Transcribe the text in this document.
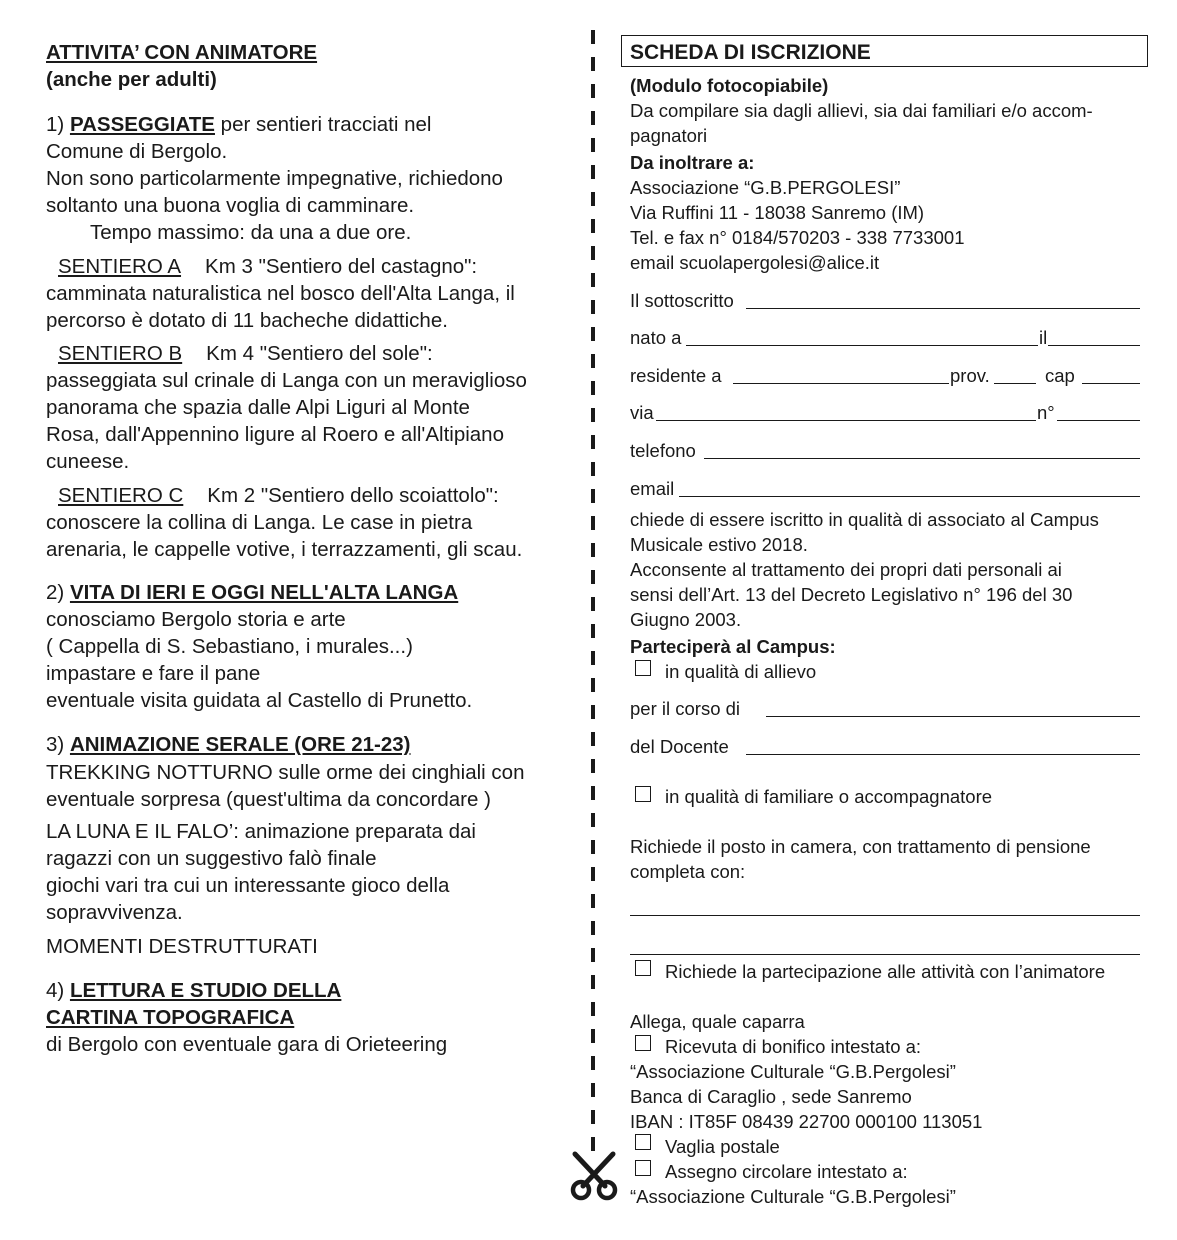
ATTIVITA’ CON ANIMATORE
(anche per adulti)
1) PASSEGGIATE per sentieri tracciati nel
Comune di Bergolo.
Non sono particolarmente impegnative, richiedono
soltanto una buona voglia di camminare.
Tempo massimo: da una a due ore.
SENTIERO A Km 3 "Sentiero del castagno":
camminata naturalistica nel bosco dell'Alta Langa, il
percorso è dotato di 11 bacheche didattiche.
SENTIERO B Km 4 "Sentiero del sole":
passeggiata sul crinale di Langa con un meraviglioso
panorama che spazia dalle Alpi Liguri al Monte
Rosa, dall'Appennino ligure al Roero e all'Altipiano
cuneese.
SENTIERO C Km 2 "Sentiero dello scoiattolo":
conoscere la collina di Langa. Le case in pietra
arenaria, le cappelle votive, i terrazzamenti, gli scau.
2) VITA DI IERI E OGGI NELL'ALTA LANGA
conosciamo Bergolo storia e arte
( Cappella di S. Sebastiano, i murales...)
impastare e fare il pane
eventuale visita guidata al Castello di Prunetto.
3) ANIMAZIONE SERALE (ORE 21-23)
TREKKING NOTTURNO sulle orme dei cinghiali con
eventuale sorpresa (quest'ultima da concordare )
LA LUNA E IL FALO’: animazione preparata dai
ragazzi con un suggestivo falò finale
giochi vari tra cui un interessante gioco della
sopravvivenza.
MOMENTI DESTRUTTURATI
4) LETTURA E STUDIO DELLA
CARTINA TOPOGRAFICA
di Bergolo con eventuale gara di Orieteering
SCHEDA DI ISCRIZIONE
(Modulo fotocopiabile)
Da compilare sia dagli allievi, sia dai familiari e/o accom-
pagnatori
Da inoltrare a:
Associazione “G.B.PERGOLESI”
Via Ruffini 11 - 18038 Sanremo (IM)
Tel. e fax n° 0184/570203 - 338 7733001
email scuolapergolesi@alice.it
Il sottoscritto
nato a	il
residente a	prov.	cap
via	n°
telefono
email
chiede di essere iscritto in qualità di associato al Campus
Musicale estivo 2018.
Acconsente al trattamento dei propri dati personali ai
sensi dell’Art. 13 del Decreto Legislativo n° 196 del 30
Giugno 2003.
Parteciperà al Campus:
in qualità di allievo
per il corso di
del Docente
in qualità di familiare o accompagnatore
Richiede il posto in camera, con trattamento di pensione
completa con:
Richiede la partecipazione alle attività con l’animatore
Allega, quale caparra
Ricevuta di bonifico intestato a:
“Associazione Culturale “G.B.Pergolesi”
Banca di Caraglio , sede Sanremo
IBAN : IT85F 08439 22700 000100 113051
Vaglia postale
Assegno circolare intestato a:
“Associazione Culturale “G.B.Pergolesi”
